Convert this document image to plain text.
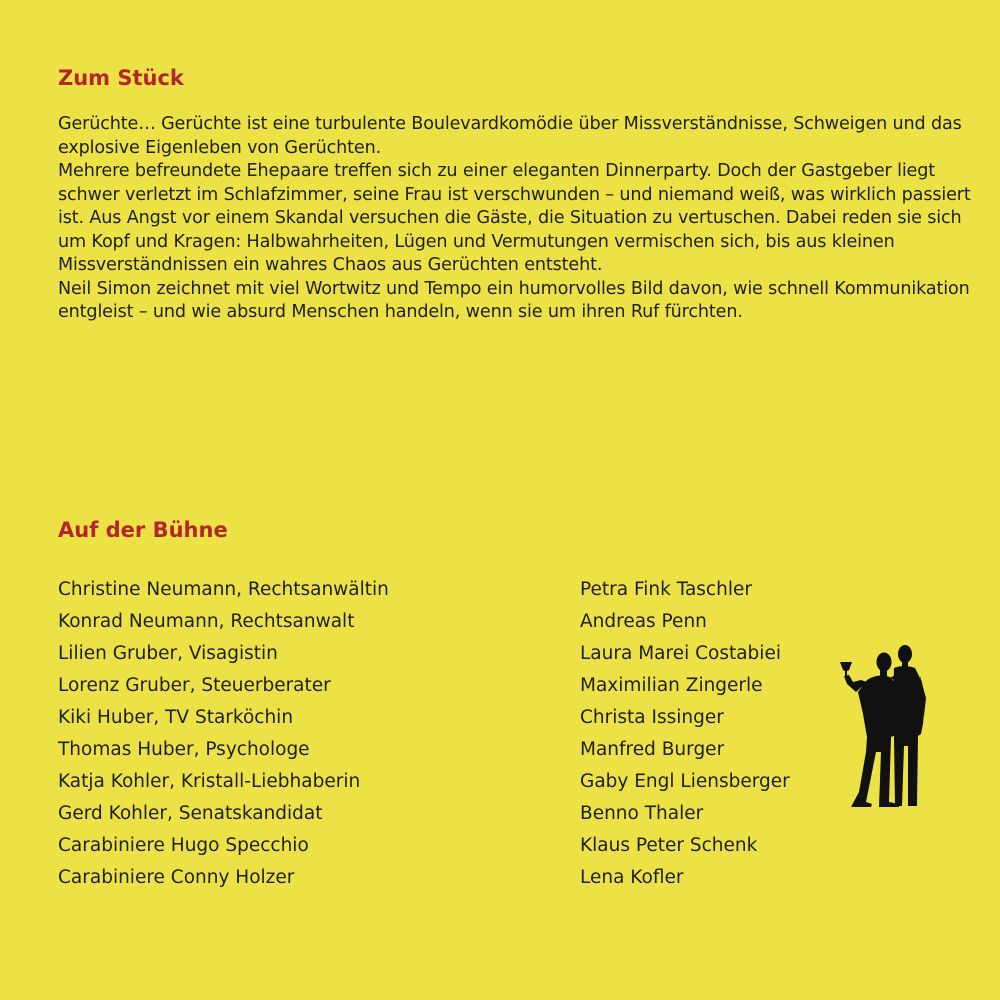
Zum Stück

Gerüchte… Gerüchte ist eine turbulente Boulevardkomödie über Missverständnisse, Schweigen und das explosive Eigenleben von Gerüchten.

Mehrere befreundete Ehepaare treffen sich zu einer eleganten Dinnerparty. Doch der Gastgeber liegt schwer verletzt im Schlafzimmer, seine Frau ist verschwunden – und niemand weiß, was wirklich passiert ist. Aus Angst vor einem Skandal versuchen die Gäste, die Situation zu vertuschen. Dabei reden sie sich um Kopf und Kragen: Halbwahrheiten, Lügen und Vermutungen vermischen sich, bis aus kleinen Missverständnissen ein wahres Chaos aus Gerüchten entsteht.

Neil Simon zeichnet mit viel Wortwitz und Tempo ein humorvolles Bild davon, wie schnell Kommunikation entgleist – und wie absurd Menschen handeln, wenn sie um ihren Ruf fürchten.

Auf der Bühne
Christine Neumann, Rechtsanwältin
Konrad Neumann, Rechtsanwalt
Lilien Gruber, Visagistin
Lorenz Gruber, Steuerberater
Kiki Huber, TV Starköchin
Thomas Huber, Psychologe
Katja Kohler, Kristall-Liebhaberin
Gerd Kohler, Senatskandidat
Carabiniere Hugo Specchio
Carabiniere Conny Holzer
Petra Fink Taschler
Andreas Penn
Laura Marei Costabiei
Maximilian Zingerle
Christa Issinger
Manfred Burger
Gaby Engl Liensberger
Benno Thaler
Klaus Peter Schenk
Lena Kofler
